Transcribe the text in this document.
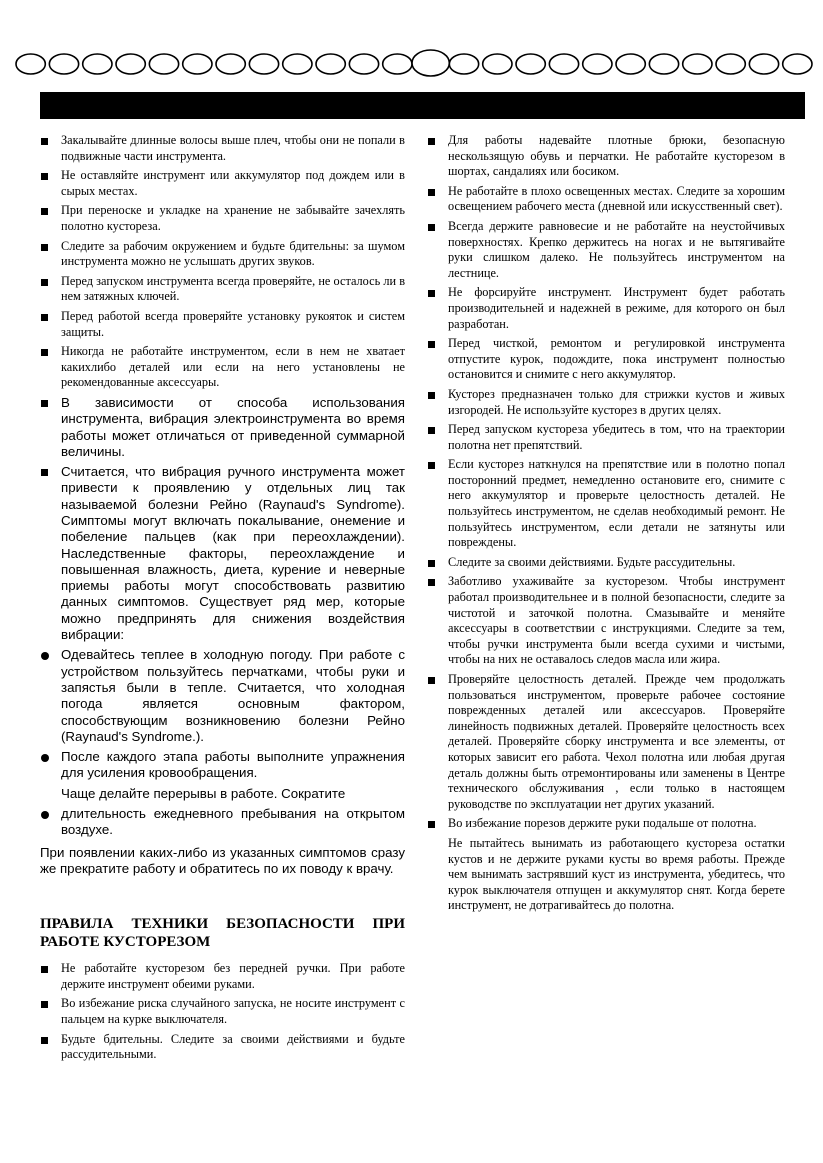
Закалывайте длинные волосы выше плеч, чтобы они не попали в подвижные части инструмента.
Не оставляйте инструмент или аккумулятор под дождем или в сырых местах.
При переноске и укладке на хранение не забывайте зачехлять полотно кустореза.
Следите за рабочим окружением и будьте бдительны: за шумом инструмента можно не услышать других звуков.
Перед запуском инструмента всегда проверяйте, не осталось ли в нем затяжных ключей.
Перед работой всегда проверяйте установку рукояток и систем защиты.
Никогда не работайте инструментом, если в нем не хватает какихлибо деталей или если на него установлены не рекомендованные аксессуары.
В зависимости от способа использования инструмента, вибрация электроинструмента во время работы может отличаться от приведенной суммарной величины.
Считается, что вибрация ручного инструмента может привести к проявлению у отдельных лиц так называемой болезни Рейно (Raynaud's Syndrome). Симптомы могут включать покалывание, онемение и побеление пальцев (как при переохлаждении). Наследственные факторы, переохлаждение и повышенная влажность, диета, курение и неверные приемы работы могут способствовать развитию данных симптомов. Существует ряд мер, которые можно предпринять для снижения воздействия вибрации:
Одевайтесь теплее в холодную погоду. При работе с устройством пользуйтесь перчатками, чтобы руки и запястья были в тепле. Считается, что холодная погода является основным фактором, способствующим возникновению болезни Рейно (Raynaud's Syndrome.).
После каждого этапа работы выполните упражнения для усиления кровообращения.
Чаще делайте перерывы в работе. Сократите
длительность ежедневного пребывания на открытом воздухе.

При появлении каких-либо из указанных симптомов сразу же прекратите работу и обратитесь по их поводу к врачу.

ПРАВИЛА ТЕХНИКИ БЕЗОПАСНОСТИ ПРИ РАБОТЕ КУСТОРЕЗОМ
Не работайте кусторезом без передней ручки. При работе держите инструмент обеими руками.
Во избежание риска случайного запуска, не носите инструмент с пальцем на курке выключателя.
Будьте бдительны. Следите за своими действиями и будьте рассудительными.
Для работы надевайте плотные брюки, безопасную нескользящую обувь и перчатки. Не работайте кусторезом в шортах, сандалиях или босиком.
Не работайте в плохо освещенных местах. Следите за хорошим освещением рабочего места (дневной или искусственный свет).
Всегда держите равновесие и не работайте на неустойчивых поверхностях. Крепко держитесь на ногах и не вытягивайте руки слишком далеко. Не пользуйтесь инструментом на лестнице.
Не форсируйте инструмент. Инструмент будет работать производительней и надежней в режиме, для которого он был разработан.
Перед чисткой, ремонтом и регулировкой инструмента отпустите курок, подождите, пока инструмент полностью остановится и снимите с него аккумулятор.
Кусторез предназначен только для стрижки кустов и живых изгородей. Не используйте кусторез в других целях.
Перед запуском кустореза убедитесь в том, что на траектории полотна нет препятствий.
Если кусторез наткнулся на препятствие или в полотно попал посторонний предмет, немедленно остановите его, снимите с него аккумулятор и проверьте целостность деталей. Не пользуйтесь инструментом, не сделав необходимый ремонт. Не пользуйтесь инструментом, если детали не затянуты или повреждены.
Следите за своими действиями. Будьте рассудительны.
Заботливо ухаживайте за кусторезом. Чтобы инструмент работал производительнее и в полной безопасности, следите за чистотой и заточкой полотна. Смазывайте и меняйте аксессуары в соответствии с инструкциями. Следите за тем, чтобы ручки инструмента были всегда сухими и чистыми, чтобы на них не оставалось следов масла или жира.
Проверяйте целостность деталей. Прежде чем продолжать пользоваться инструментом, проверьте рабочее состояние поврежденных деталей или аксессуаров. Проверяйте линейность подвижных деталей. Проверяйте целостность всех деталей. Проверяйте сборку инструмента и все элементы, от которых зависит его работа. Чехол полотна или любая другая деталь должны быть отремонтированы или заменены в Центре технического обслуживания , если только в настоящем руководстве по эксплуатации нет других указаний.
Во избежание порезов держите руки подальше от полотна.
Не пытайтесь вынимать из работающего кустореза остатки кустов и не держите руками кусты во время работы. Прежде чем вынимать застрявший куст из инструмента, убедитесь, что курок выключателя отпущен и аккумулятор снят. Когда берете инструмент, не дотрагивайтесь до полотна.
